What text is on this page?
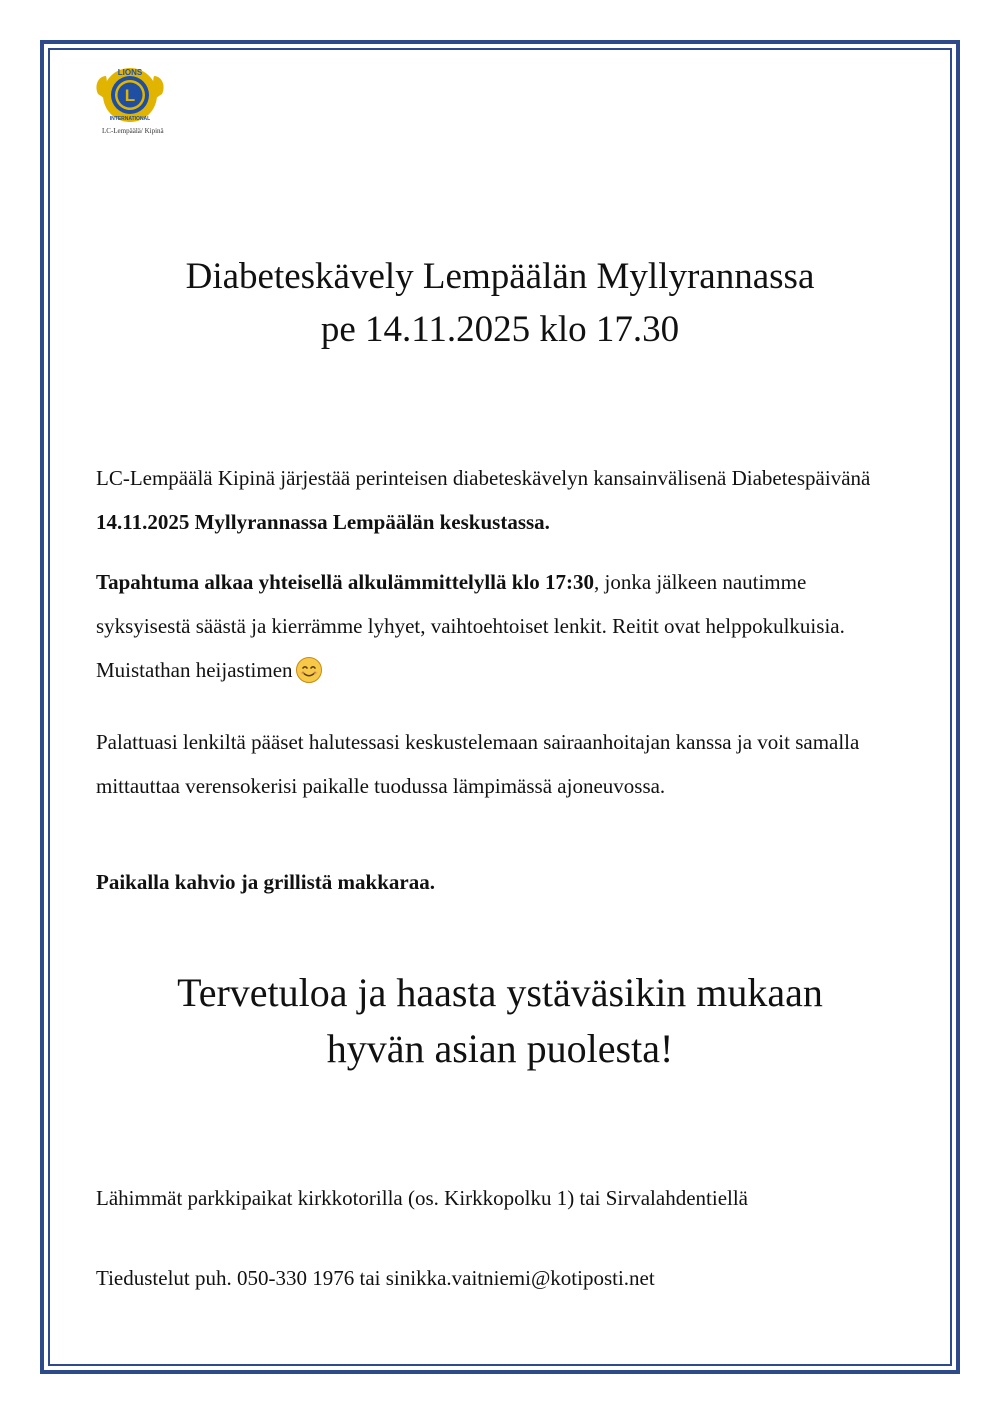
L
LIONS
INTERNATIONAL
LC-Lempäälä/ Kipinä
Diabeteskävely Lempäälän Myllyrannassa
pe 14.11.2025 klo 17.30
LC-Lempäälä Kipinä järjestää perinteisen diabeteskävelyn kansainvälisenä Diabetespäivänä 14.11.2025 Myllyrannassa Lempäälän keskustassa.
Tapahtuma alkaa yhteisellä alkulämmittelyllä klo 17:30, jonka jälkeen nautimme syksyisestä säästä ja kierrämme lyhyet, vaihtoehtoiset lenkit. Reitit ovat helppokulkuisia. Muistathan heijastimen
Palattuasi lenkiltä pääset halutessasi keskustelemaan sairaanhoitajan kanssa ja voit samalla mittauttaa verensokerisi paikalle tuodussa lämpimässä ajoneuvossa.
Paikalla kahvio ja grillistä makkaraa.
Tervetuloa ja haasta ystäväsikin mukaan
hyvän asian puolesta!
Lähimmät parkkipaikat kirkkotorilla (os. Kirkkopolku 1) tai Sirvalahdentiellä
Tiedustelut puh. 050-330 1976 tai sinikka.vaitniemi@kotiposti.net
